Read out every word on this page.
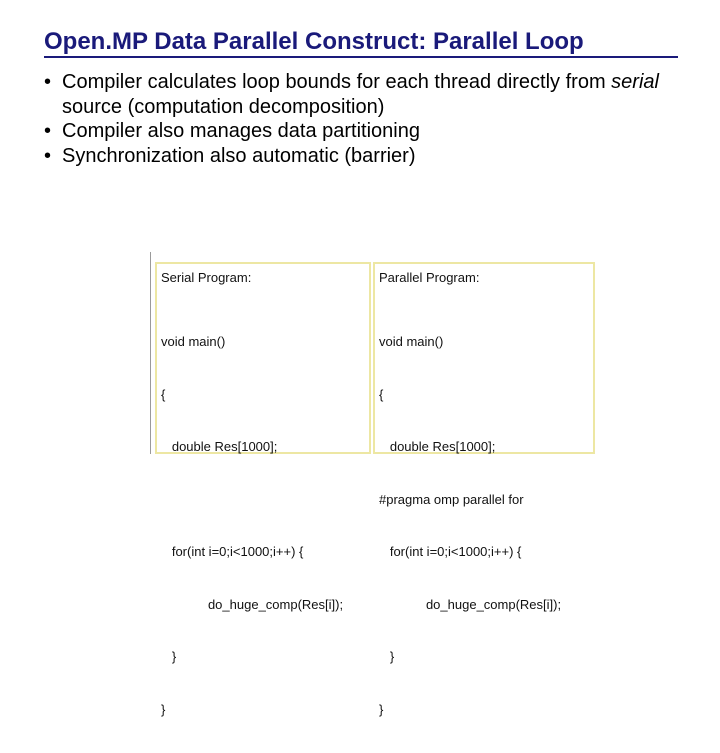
Open.MP Data Parallel Construct: Parallel Loop
• Compiler calculates loop bounds for each thread directly from serial source (computation decomposition)
• Compiler also manages data partitioning
• Synchronization also automatic (barrier)
Serial Program:

void main()

{

double Res[1000];

for(int i=0;i<1000;i++) {

do_huge_comp(Res[i]);

}

}

Parallel Program:

void main()

{

double Res[1000];

#pragma omp parallel for

for(int i=0;i<1000;i++) {

do_huge_comp(Res[i]);

}

}
